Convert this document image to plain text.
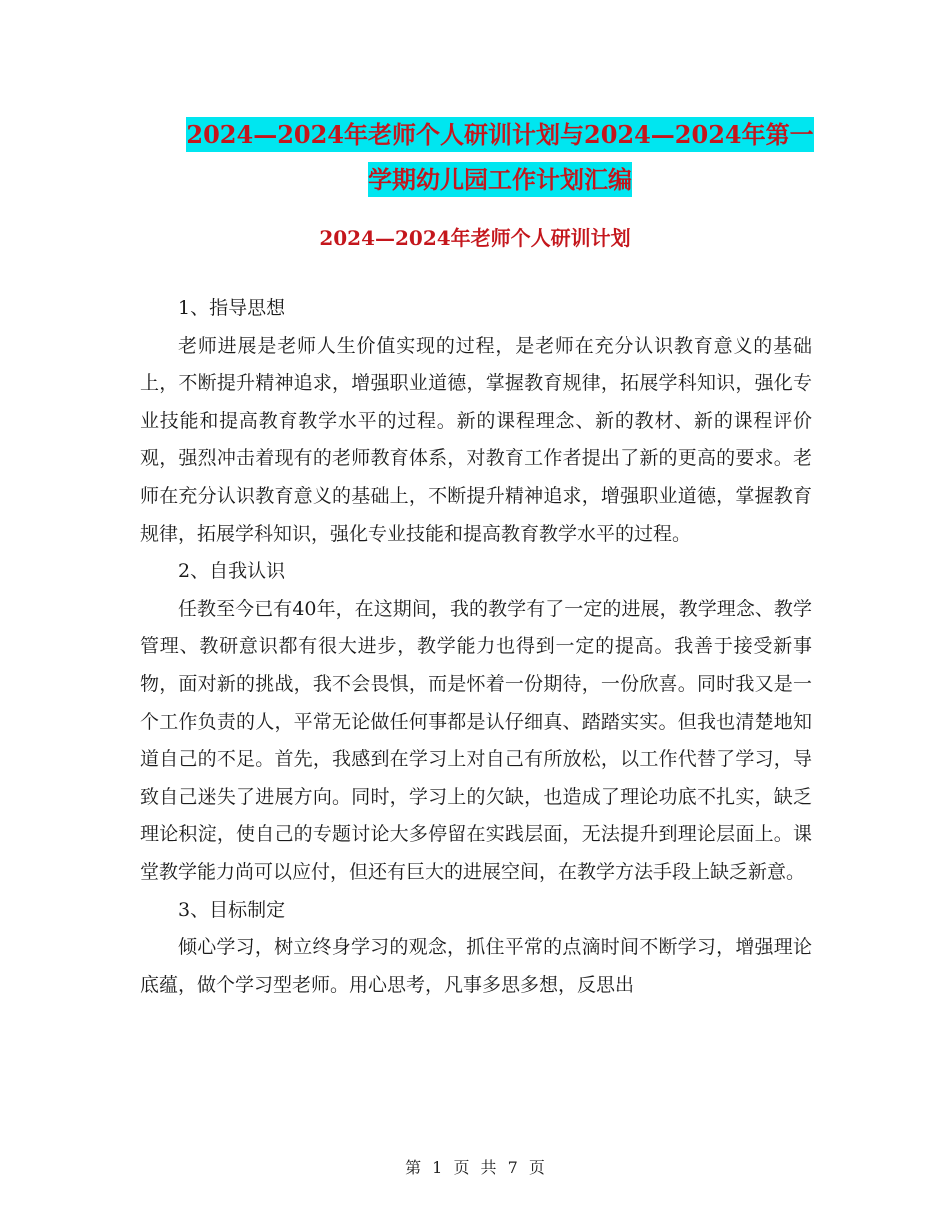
2024—2024年老师个人研训计划与2024—2024年第一
学期幼儿园工作计划汇编
2024—2024年老师个人研训计划

1、指导思想

老师进展是老师人生价值实现的过程，是老师在充分认识教育意义的基础上，不断提升精神追求，增强职业道德，掌握教育规律，拓展学科知识，强化专业技能和提高教育教学水平的过程。新的课程理念、新的教材、新的课程评价观，强烈冲击着现有的老师教育体系，对教育工作者提出了新的更高的要求。老师在充分认识教育意义的基础上，不断提升精神追求，增强职业道德，掌握教育规律，拓展学科知识，强化专业技能和提高教育教学水平的过程。

2、自我认识

任教至今已有40年，在这期间，我的教学有了一定的进展，教学理念、教学管理、教研意识都有很大进步，教学能力也得到一定的提高。我善于接受新事物，面对新的挑战，我不会畏惧，而是怀着一份期待，一份欣喜。同时我又是一个工作负责的人，平常无论做任何事都是认仔细真、踏踏实实。但我也清楚地知道自己的不足。首先，我感到在学习上对自己有所放松，以工作代替了学习，导致自己迷失了进展方向。同时，学习上的欠缺，也造成了理论功底不扎实，缺乏理论积淀，使自己的专题讨论大多停留在实践层面，无法提升到理论层面上。课堂教学能力尚可以应付，但还有巨大的进展空间，在教学方法手段上缺乏新意。

3、目标制定

倾心学习，树立终身学习的观念，抓住平常的点滴时间不断学习，增强理论底蕴，做个学习型老师。用心思考，凡事多思多想，反思出

第 1 页 共 7 页
